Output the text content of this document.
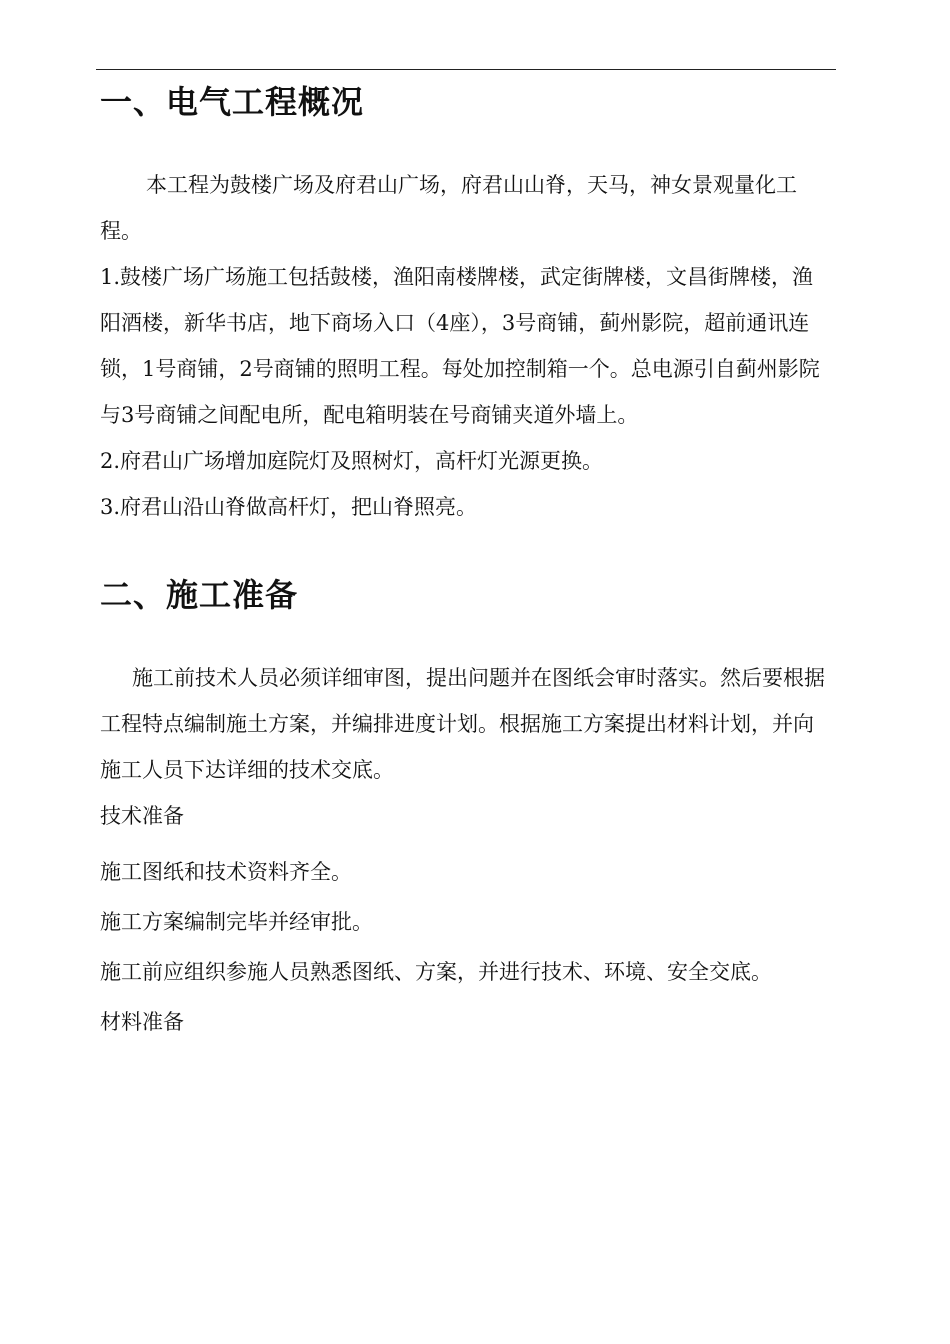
一、电气工程概况

本工程为鼓楼广场及府君山广场，府君山山脊，天马，神女景观量化工程。

1.鼓楼广场广场施工包括鼓楼，渔阳南楼牌楼，武定街牌楼，文昌街牌楼，渔阳酒楼，新华书店，地下商场入口（4座），3号商铺，蓟州影院，超前通讯连锁，1号商铺，2号商铺的照明工程。每处加控制箱一个。总电源引自蓟州影院与3号商铺之间配电所，配电箱明装在号商铺夹道外墙上。

2.府君山广场增加庭院灯及照树灯，高杆灯光源更换。

3.府君山沿山脊做高杆灯，把山脊照亮。

二、施工准备

施工前技术人员必须详细审图，提出问题并在图纸会审时落实。然后要根据工程特点编制施土方案，并编排进度计划。根据施工方案提出材料计划，并向施工人员下达详细的技术交底。

技术准备

施工图纸和技术资料齐全。

施工方案编制完毕并经审批。

施工前应组织参施人员熟悉图纸、方案，并进行技术、环境、安全交底。

材料准备
